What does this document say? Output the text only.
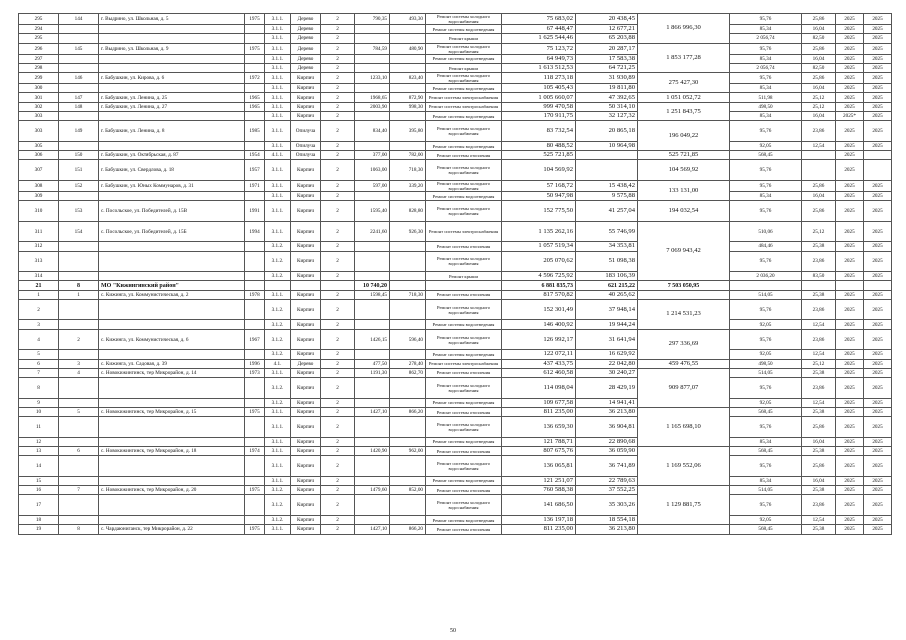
295	144	г. Выдрино, ул. Школьная, д. 5	1975	3.1.1.	Дерево	2	790,35	493,30	Ремонт системы холодного водоснабжения	75 683,02	20 438,45	1 866 996,30	95,76	25,86	2025	2025
294				3.1.1.	Дерево	2			Ремонт системы водоотведения	67 448,47	12 677,21		85,34	16,04	2025	2025
295				3.1.1.	Дерево	2			Ремонт крыши	1 625 544,46	65 203,88		2 056,74	82,50	2025	2025
296	145	г. Выдрино, ул. Школьная, д. 9	1975	3.1.1.	Дерево	2	784,59	480,90	Ремонт системы холодного водоснабжения	75 123,72	20 287,17	1 853 177,28	95,76	25,86	2025	2025
297				3.1.1.	Дерево	2			Ремонт системы водоотведения	64 949,73	17 583,38		85,34	16,04	2025	2025
298				3.1.1.	Дерево	2			Ремонт крыши	1 613 512,53	64 721,25		2 056,74	82,50	2025	2025
299	146	г. Бабушкин, ул. Кирова, д. 6	1972	3.1.1.	Кирпич	2	1233,10	823,40	Ремонт системы холодного водоснабжения	118 273,18	31 930,89	275 427,30	95,76	25,86	2025	2025
300				3.1.1.	Кирпич	2			Ремонт системы водоотведения	105 405,43	19 811,80		85,34	16,04	2025	2025
301	147	г. Бабушкин, ул. Ленина, д. 25	1965	3.1.1.	Кирпич	2	1968,65	872,90	Ремонт системы электроснабжения	1 005 660,07	47 392,65	1 051 052,72	511,98	25,12	2025	2025
302	148	г. Бабушкин, ул. Ленина, д. 27	1965	3.1.1.	Кирпич	2	2003,90	998,30	Ремонт системы электроснабжения	999 470,58	50 314,10	1 251 843,75	498,50	25,12	2025	2025
303				3.1.1.	Кирпич	2			Ремонт системы водоотведения	170 911,75	32 127,32		85,34	16,04	2025*	2025
303	149	г. Бабушкин, ул. Ленина, д. 8	1985	3.1.1.	Опилуча	2	834,40	395,80	Ремонт системы холодного водоснабжения	83 732,54	20 865,18	196 049,22	95,76	23,86	2025	2025
305				3.1.1.	Опилуча	2			Ремонт системы водоотведения	80 488,52	10 964,98		92,05	12,54	2025	2025
306	150	г. Бабушкин, ул. Октябрьская, д. 87	1954	4.1.1.	Опилуча	2	377,00	782,00	Ремонт системы отопления	525 721,85		525 721,85	568,45		2025	
307	151	г. Бабушкин, ул. Свердлова, д. 18	1957	3.1.1.	Кирпич	2	1063,00	718,30	Ремонт системы холодного водоснабжения	104 569,92		104 569,92	95,76		2025	
308	152	г. Бабушкин, ул. Юных Коммунаров, д. 31	1971	3.1.1.	Кирпич	2	597,00	339,20	Ремонт системы холодного водоснабжения	57 168,72	15 438,42	133 131,00	95,76	25,86	2025	2025
309				3.1.1.	Кирпич	2			Ремонт системы водоотведения	50 947,98	9 575,88		85,34	16,04	2025	2025
310	153	с. Посольское, ул. Победителей, д. 15В	1991	3.1.1.	Кирпич	2	1595,40	828,80	Ремонт системы холодного водоснабжения	152 775,50	41 257,04	194 032,54	95,76	25,86	2025	2025
311	154	с. Посольское, ул. Победителей, д. 15Б	1994	3.1.1.	Кирпич	2	2241,60	926,30	Ремонт системы электроснабжения	1 135 262,16	55 746,99	7 069 943,42	510,06	25,12	2025	2025
312				3.1.2.	Кирпич	2			Ремонт системы отопления	1 057 519,34	34 353,81		484,46	25,38	2025	2025
313				3.1.2.	Кирпич	2			Ремонт системы холодного водоснабжения	205 070,62	51 098,38		95,76	23,86	2025	2025
314				3.1.2.	Кирпич	2			Ремонт крыши	4 596 725,92	183 106,39		2 036,20	83,50	2025	2025
21	8	МО "Кижингинский район"					10 740,20			6 881 835,73	621 215,22	7 503 050,95				
1	1	с. Кижинга, ул. Коммунистическая, д. 2	1978	3.1.1.	Кирпич	2	1598,45	718,30	Ремонт системы отопления	817 570,82	40 265,62		514,05	25,38	2025	2025
2				3.1.2.	Кирпич	2			Ремонт системы холодного водоснабжения	152 301,49	37 948,14	1 214 531,23	95,76	23,86	2025	2025
3				3.1.2.	Кирпич	2			Ремонт системы водоотведения	146 400,92	19 944,24		92,05	12,54	2025	2025
4	2	с. Кижинга, ул. Коммунистическая, д. 6	1967	3.1.2.	Кирпич	2	1426,15	596,40	Ремонт системы холодного водоснабжения	126 992,17	31 641,94	297 336,69	95,76	23,86	2025	2025
5				3.1.2.	Кирпич	2			Ремонт системы водоотведения	122 072,11	16 629,92		92,05	12,54	2025	2025
6	3	с. Кижинга, ул. Садовая, д. 39	1996	4.1.	Дерево	2	477,50	278,40	Ремонт системы электроснабжения	437 433,75	22 042,80	459 476,55	498,50	25,12	2025	2025
7	4	с. Новокижингинск, тер Микрорайон, д. 14	1973	3.1.1.	Кирпич	2	1191,30	862,70	Ремонт системы отопления	612 460,58	30 240,27	909 877,07	514,05	25,38	2025	2025
8				3.1.2.	Кирпич	2			Ремонт системы холодного водоснабжения	114 098,04	28 429,19		95,76	23,86	2025	2025
9				3.1.2.	Кирпич	2			Ремонт системы водоотведения	109 677,58	14 941,41		92,05	12,54	2025	2025
10	5	с. Новокижингинск, тер Микрорайон, д. 15	1975	3.1.1.	Кирпич	2	1427,10	866,20	Ремонт системы отопления	811 235,00	36 213,80	1 165 698,10	568,45	25,38	2025	2025
11				3.1.1.	Кирпич	2			Ремонт системы холодного водоснабжения	136 659,30	36 904,81		95,76	25,86	2025	2025
12				3.1.1.	Кирпич	2			Ремонт системы водоотведения	121 788,71	22 890,68		85,34	16,04	2025	2025
13	6	с. Новокижингинск, тер Микрорайон, д. 18	1974	3.1.1.	Кирпич	2	1420,90	962,00	Ремонт системы отопления	807 675,76	36 059,90	1 169 552,06	568,45	25,38	2025	2025
14				3.1.1.	Кирпич	2			Ремонт системы холодного водоснабжения	136 065,81	36 741,89		95,76	25,86	2025	2025
15				3.1.1.	Кирпич	2			Ремонт системы водоотведения	121 251,07	22 789,63		85,34	16,04	2025	2025
16	7	с. Новокижингинск, тер Микрорайон, д. 20	1975	3.1.2.	Кирпич	2	1479,60	852,00	Ремонт системы отопления	760 588,38	37 552,25	1 129 881,75	514,05	25,38	2025	2025
17				3.1.2.	Кирпич	2			Ремонт системы холодного водоснабжения	141 686,50	35 303,26		95,76	23,86	2025	2025
18				3.1.2.	Кирпич	2			Ремонт системы водоотведения	136 197,18	18 554,18		92,05	12,54	2025	2025
19	8	с. Чардаюниганск, тер Микрорайон, д. 22	1975	3.1.1.	Кирпич	2	1427,10	866,20	Ремонт системы отопления	811 235,00	36 213,80		568,45	25,38	2025	2025
50
